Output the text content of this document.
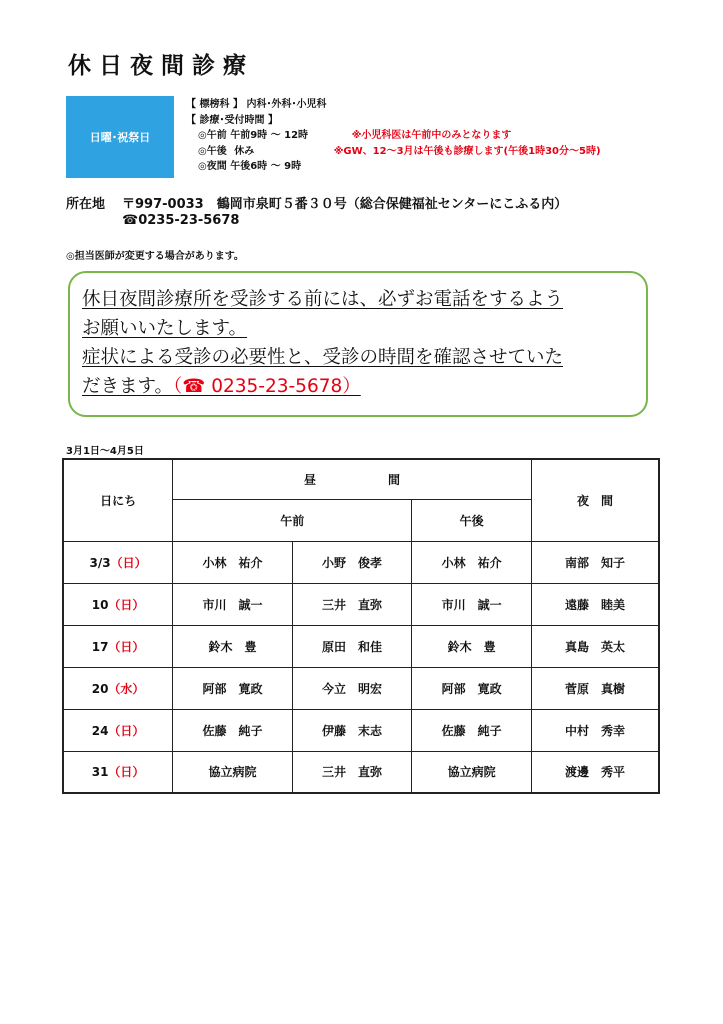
休日夜間診療
日曜･祝祭日
【 標榜科 】 内科･外科･小児科
【 診療･受付時間 】
◎午前 午前9時 〜 12時	※小児科医は午前中のみとなります
◎午後 休み	※GW、12〜3月は午後も診療します(午後1時30分〜5時)
◎夜間 午後6時 〜 9時
所在地 〒997-0033　鶴岡市泉町５番３０号（総合保健福祉センターにこふる内）
☎0235-23-5678
◎担当医師が変更する場合があります。
休日夜間診療所を受診する前には、必ずお電話をするよう
お願いいたします。
症状による受診の必要性と、受診の時間を確認させていた
だきます。（☎ 0235-23-5678）
3月1日〜4月5日
日にち	昼　　　　　　間			夜　間
	午前		午後	
3/3（日）	小林　祐介	小野　俊孝	小林　祐介	南部　知子
10（日）	市川　誠一	三井　直弥	市川　誠一	遠藤　睦美
17（日）	鈴木　豊	原田　和佳	鈴木　豊	真島　英太
20（水）	阿部　寛政	今立　明宏	阿部　寛政	菅原　真樹
24（日）	佐藤　純子	伊藤　末志	佐藤　純子	中村　秀幸
31（日）	協立病院	三井　直弥	協立病院	渡邊　秀平
